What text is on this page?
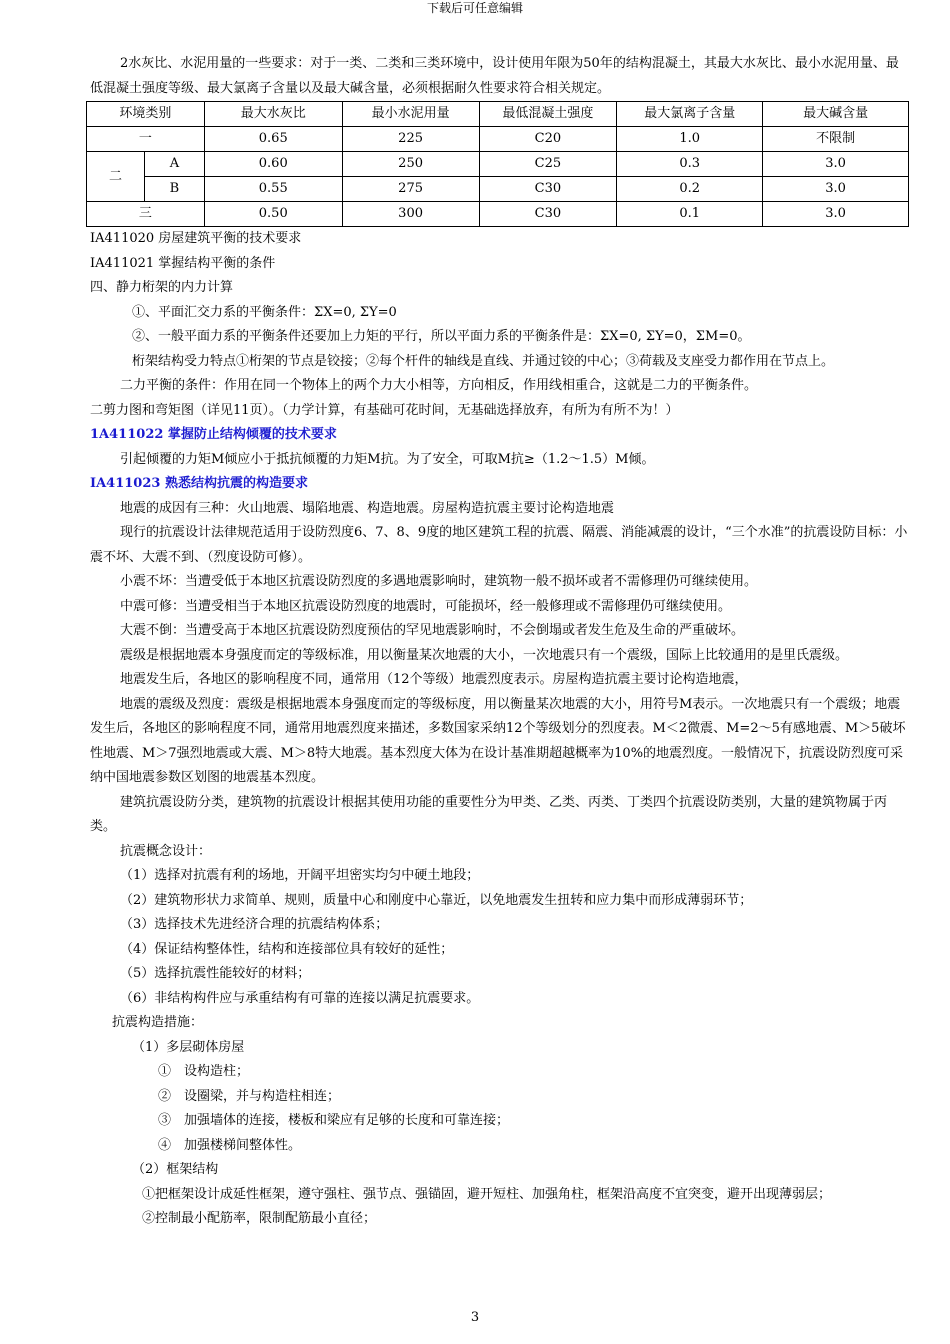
下载后可任意编辑

2水灰比、水泥用量的一些要求：对于一类、二类和三类环境中，设计使用年限为50年的结构混凝土，其最大水灰比、最小水泥用量、最低混凝土强度等级、最大氯离子含量以及最大碱含量，必须根据耐久性要求符合相关规定。

环境类别		最大水灰比	最小水泥用量	最低混凝土强度	最大氯离子含量	最大碱含量
一		0.65	225	C20	1.0	不限制
二	A	0.60	250	C25	0.3	3.0
	B	0.55	275	C30	0.2	3.0
三		0.50	300	C30	0.1	3.0

IA411020 房屋建筑平衡的技术要求

IA411021 掌握结构平衡的条件

四、静力桁架的内力计算

①、平面汇交力系的平衡条件：ΣX=0, ΣY=0

②、一般平面力系的平衡条件还要加上力矩的平行，所以平面力系的平衡条件是：ΣX=0, ΣY=0，ΣM=0。

桁架结构受力特点①桁架的节点是铰接；②每个杆件的轴线是直线、并通过铰的中心；③荷载及支座受力都作用在节点上。

二力平衡的条件：作用在同一个物体上的两个力大小相等，方向相反，作用线相重合，这就是二力的平衡条件。

二剪力图和弯矩图（详见11页）。（力学计算，有基础可花时间，无基础选择放弃，有所为有所不为！）

1A411022 掌握防止结构倾覆的技术要求

引起倾覆的力矩M倾应小于抵抗倾覆的力矩M抗。为了安全，可取M抗≥（1.2～1.5）M倾。

IA411023 熟悉结构抗震的构造要求

地震的成因有三种：火山地震、塌陷地震、构造地震。房屋构造抗震主要讨论构造地震

现行的抗震设计法律规范适用于设防烈度6、7、8、9度的地区建筑工程的抗震、隔震、消能减震的设计，“三个水准”的抗震设防目标：小震不坏、大震不到、（烈度设防可修）。

小震不坏：当遭受低于本地区抗震设防烈度的多遇地震影响时，建筑物一般不损坏或者不需修理仍可继续使用。

中震可修：当遭受相当于本地区抗震设防烈度的地震时，可能损坏，经一般修理或不需修理仍可继续使用。

大震不倒：当遭受高于本地区抗震设防烈度预估的罕见地震影响时，不会倒塌或者发生危及生命的严重破坏。

震级是根据地震本身强度而定的等级标准，用以衡量某次地震的大小，一次地震只有一个震级，国际上比较通用的是里氏震级。

地震发生后，各地区的影响程度不同，通常用（12个等级）地震烈度表示。房屋构造抗震主要讨论构造地震，

地震的震级及烈度：震级是根据地震本身强度而定的等级标度，用以衡量某次地震的大小，用符号M表示。一次地震只有一个震级；地震发生后，各地区的影响程度不同，通常用地震烈度来描述，多数国家采纳12个等级划分的烈度表。M＜2微震、M=2～5有感地震、M＞5破坏性地震、M＞7强烈地震或大震、M＞8特大地震。基本烈度大体为在设计基准期超越概率为10%的地震烈度。一般情况下，抗震设防烈度可采纳中国地震参数区划图的地震基本烈度。

建筑抗震设防分类，建筑物的抗震设计根据其使用功能的重要性分为甲类、乙类、丙类、丁类四个抗震设防类别，大量的建筑物属于丙类。

抗震概念设计：

（1）选择对抗震有利的场地，开阔平坦密实均匀中硬土地段；

（2）建筑物形状力求简单、规则，质量中心和刚度中心靠近，以免地震发生扭转和应力集中而形成薄弱环节；

（3）选择技术先进经济合理的抗震结构体系；

（4）保证结构整体性，结构和连接部位具有较好的延性；

（5）选择抗震性能较好的材料；

（6）非结构构件应与承重结构有可靠的连接以满足抗震要求。

抗震构造措施：

（1）多层砌体房屋

①　设构造柱；

②　设圈梁，并与构造柱相连；

③　加强墙体的连接，楼板和梁应有足够的长度和可靠连接；

④　加强楼梯间整体性。

（2）框架结构

①把框架设计成延性框架，遵守强柱、强节点、强锚固，避开短柱、加强角柱，框架沿高度不宜突变，避开出现薄弱层；

②控制最小配筋率，限制配筋最小直径；

3
